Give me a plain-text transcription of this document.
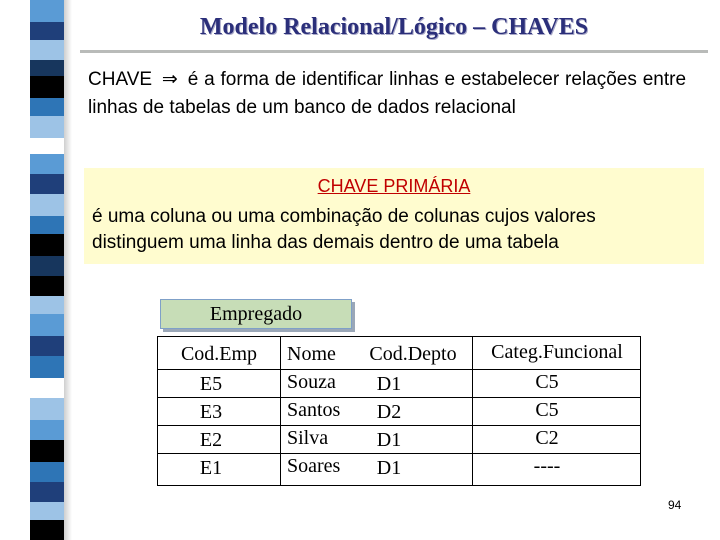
Modelo Relacional/Lógico – CHAVES
CHAVE ⇒ é a forma de identificar linhas e estabelecer relações entre linhas de tabelas de um banco de dados relacional
CHAVE PRIMÁRIA
é uma coluna ou uma combinação de colunas cujos valores distinguem uma linha das demais dentro de uma tabela
Empregado
Cod.Emp
E5
E3
E2
E1
Nome
Souza
Santos
Silva
Soares
Cod.Depto
D1
D2
D1
D1
Categ.Funcional
C5
C5
C2
----
94
